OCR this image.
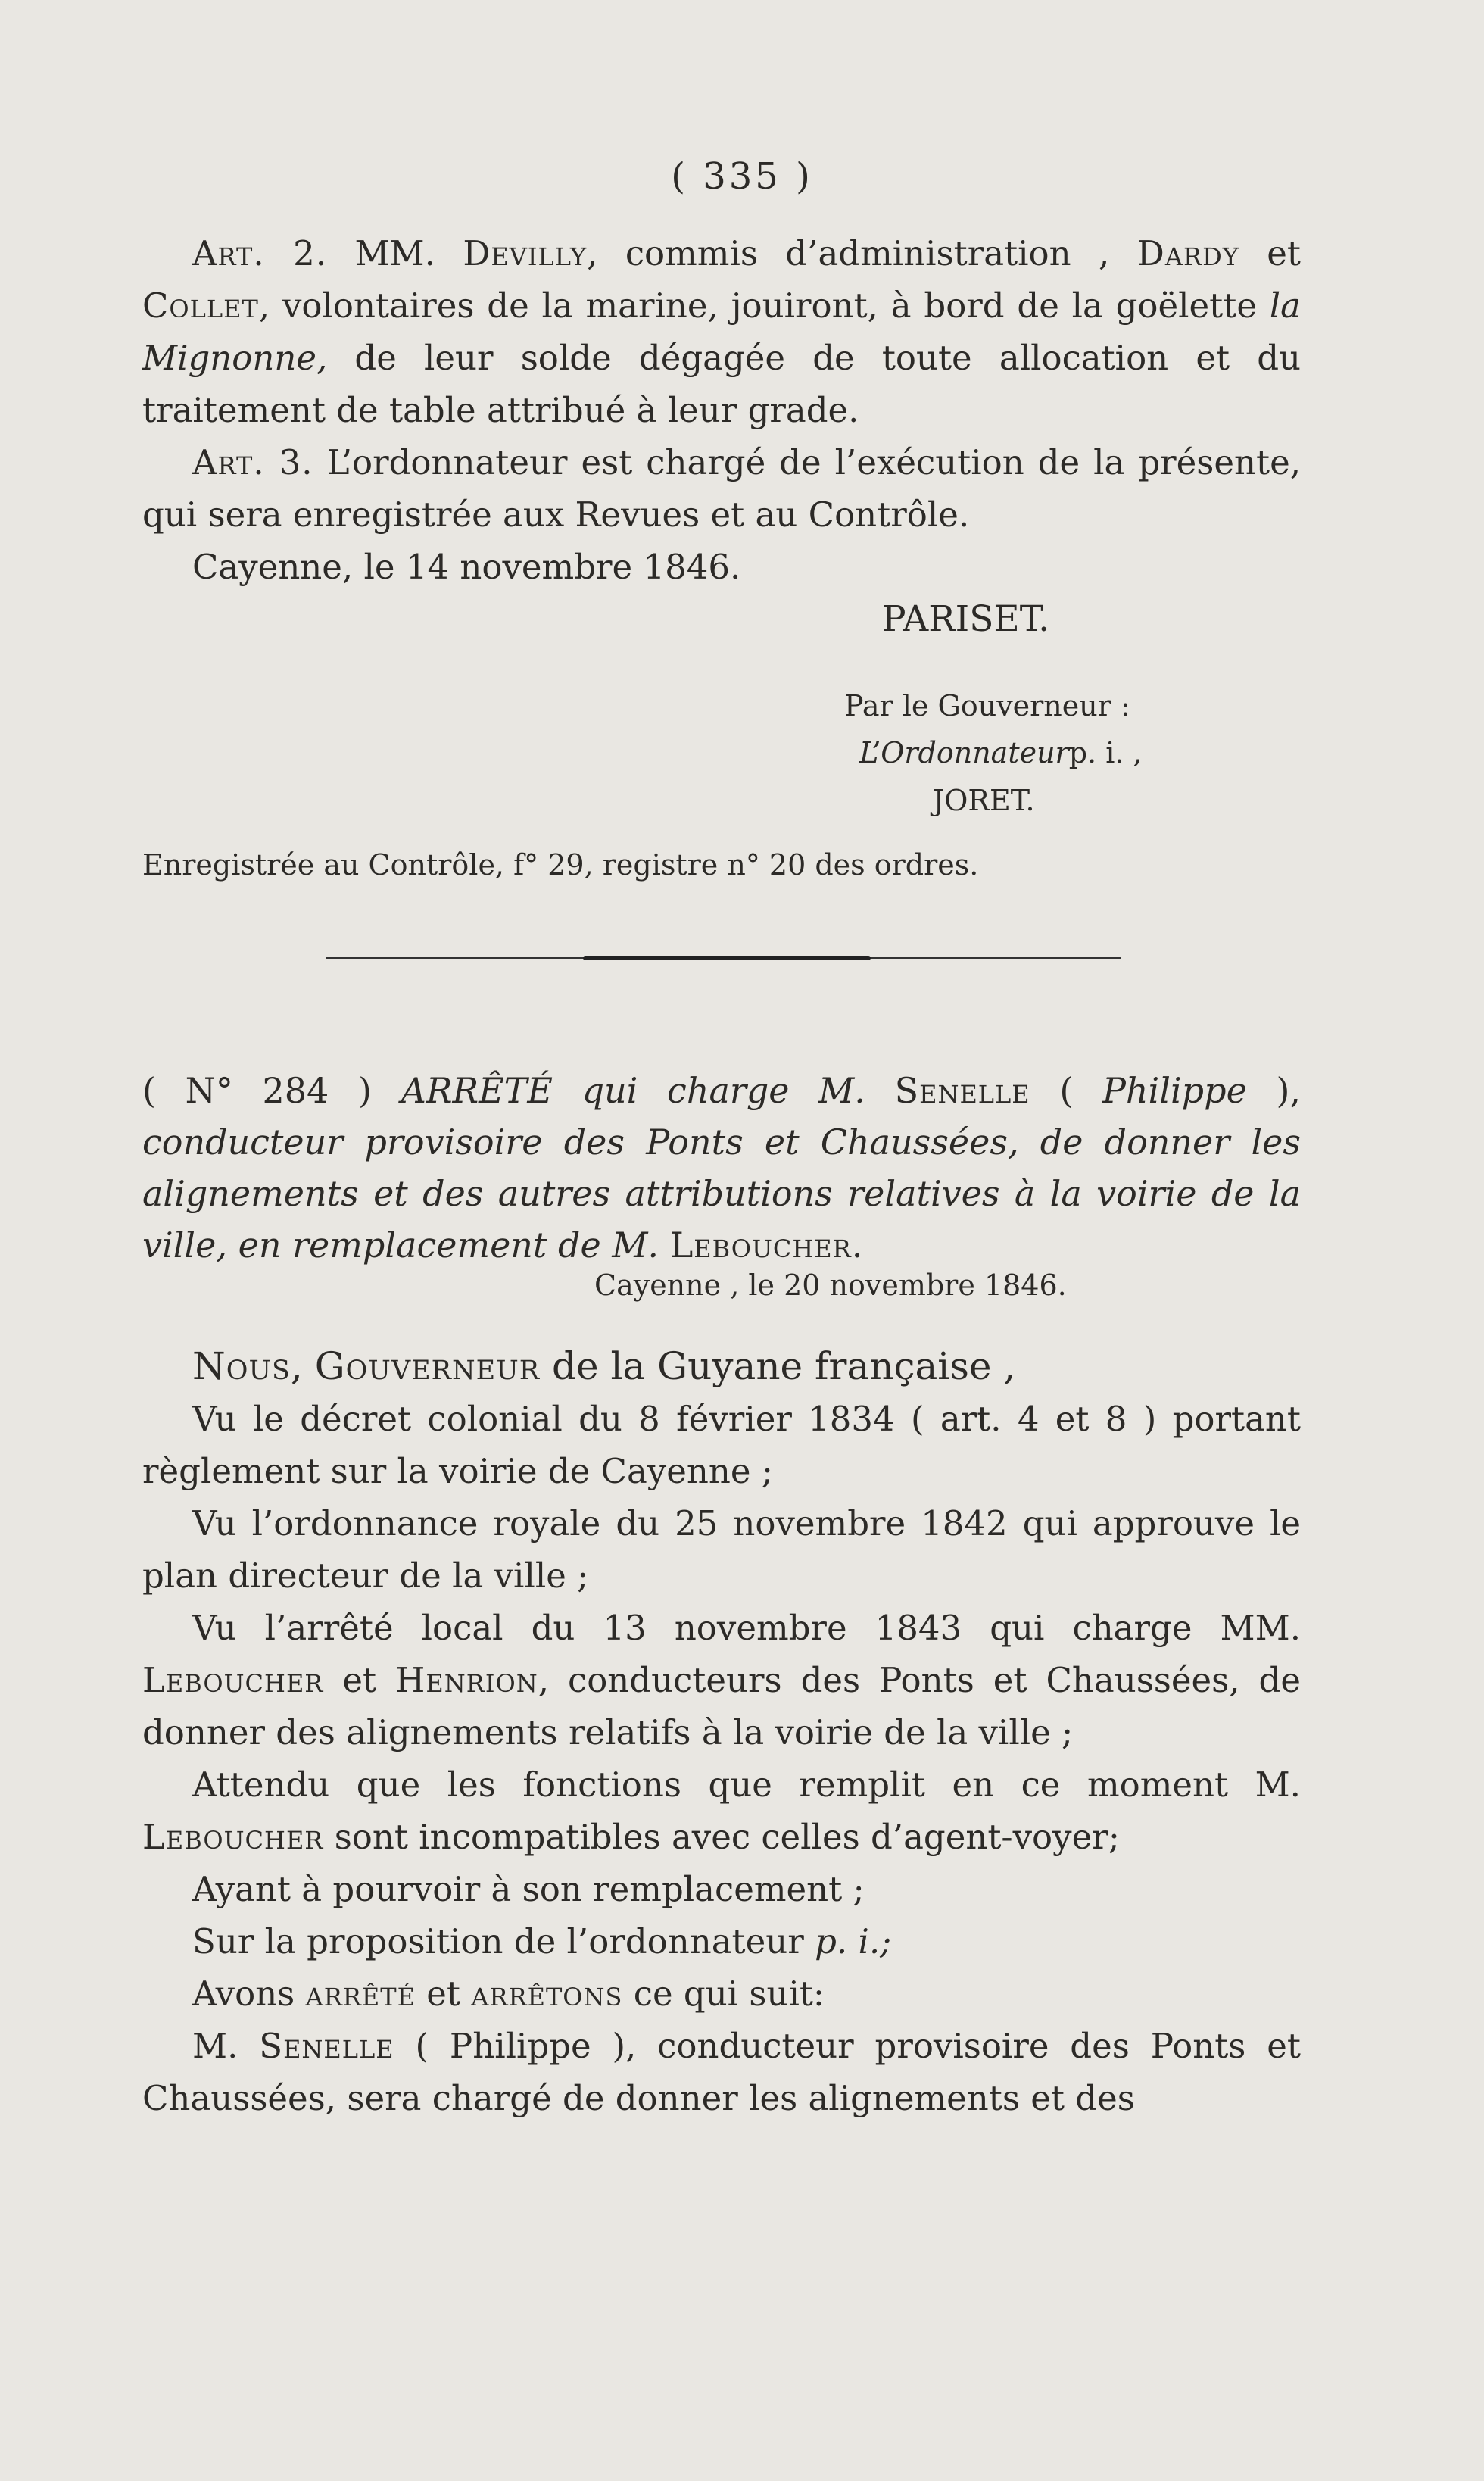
( 335 )

Art. 2. MM. Devilly, commis d’administration , Dardy et Collet, volontaires de la marine, jouiront, à bord de la goëlette la Mignonne, de leur solde dégagée de toute allocation et du traitement de table attribué à leur grade.

Art. 3. L’ordonnateur est chargé de l’exécution de la présente, qui sera enregistrée aux Revues et au Contrôle.

Cayenne, le 14 novembre 1846.

PARISET.
Par le Gouverneur :
L’Ordonnateurp. i. ,
JORET.
Enregistrée au Contrôle, f° 29, registre n° 20 des ordres.

( N° 284 ) ARRÊTÉ qui charge M. Senelle ( Philippe ), conducteur provisoire des Ponts et Chaussées, de donner les alignements et des autres attributions relatives à la voirie de la ville, en remplacement de M. Leboucher.

Cayenne , le 20 novembre 1846.

Nous, Gouverneur de la Guyane française ,

Vu le décret colonial du 8 février 1834 ( art. 4 et 8 ) portant règlement sur la voirie de Cayenne ;

Vu l’ordonnance royale du 25 novembre 1842 qui approuve le plan directeur de la ville ;

Vu l’arrêté local du 13 novembre 1843 qui charge MM. Leboucher et Henrion, conducteurs des Ponts et Chaussées, de donner des alignements relatifs à la voirie de la ville ;

Attendu que les fonctions que remplit en ce moment M. Leboucher sont incompatibles avec celles d’agent-voyer;

Ayant à pourvoir à son remplacement ;

Sur la proposition de l’ordonnateur p. i.;

Avons arrêté et arrêtons ce qui suit:

M. Senelle ( Philippe ), conducteur provisoire des Ponts et Chaussées, sera chargé de donner les alignements et des
